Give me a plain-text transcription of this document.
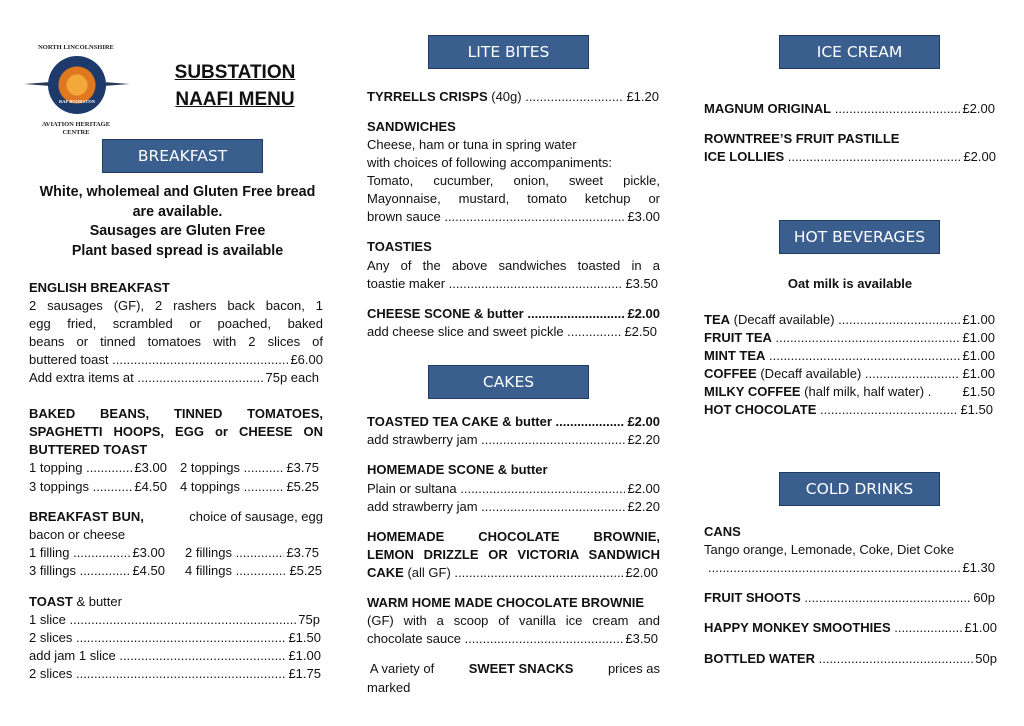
NORTH LINCOLNSHIRE
RAF BOOKSTON
AVIATION HERITAGE
CENTRE
SUBSTATION
NAAFI MENU
BREAKFAST
LITE BITES
CAKES
ICE CREAM
HOT BEVERAGES
COLD DRINKS
White, wholemeal and Gluten Free bread
are available.
Sausages are Gluten Free
Plant based spread is available
ENGLISH BREAKFAST
2 sausages (GF), 2 rashers back bacon, 1
egg fried, scrambled or poached, baked
beans or tinned tomatoes with 2 slices of
buttered toast .....	£6.00
Add extra items at .....	75p each
BAKED BEANS, TINNED TOMATOES,
SPAGHETTI HOOPS, EGG or CHEESE ON
BUTTERED TOAST
1 topping .....	£3.00 2 toppings .....	£3.75
3 toppings .....	£4.50 4 toppings .....	£5.25
BREAKFAST BUN,	choice of sausage, egg
bacon or cheese
1 filling .....	£3.00 2 fillings .....	£3.75
3 fillings .....	£4.50 4 fillings .....	£5.25
TOAST & butter
1 slice .....	75p
2 slices .....	£1.50
add jam 1 slice .....	£1.00
2 slices .....	£1.75
TYRRELLS CRISPS (40g) .....	£1.20
SANDWICHES
Cheese, ham or tuna in spring water
with choices of following accompaniments:
Tomato, cucumber, onion, sweet pickle,
Mayonnaise, mustard, tomato ketchup or
brown sauce .....	£3.00
TOASTIES
Any of the above sandwiches toasted in a
toastie maker .....	£3.50
CHEESE SCONE & butter .....	£2.00
add cheese slice and sweet pickle .....	£2.50
TOASTED TEA CAKE & butter .....	£2.00
add strawberry jam .....	£2.20
HOMEMADE SCONE & butter
Plain or sultana .....	£2.00
add strawberry jam .....	£2.20
HOMEMADE CHOCOLATE BROWNIE,
LEMON DRIZZLE OR VICTORIA SANDWICH
CAKE (all GF) .....	£2.00
WARM HOME MADE CHOCOLATE BROWNIE
(GF) with a scoop of vanilla ice cream and
chocolate sauce .....	£3.50
A variety of SWEET SNACKS prices as
marked
MAGNUM ORIGINAL .....	£2.00
ROWNTREE’S FRUIT PASTILLE
ICE LOLLIES .....	£2.00
Oat milk is available
TEA (Decaff available) .....	£1.00
FRUIT TEA .....	£1.00
MINT TEA .....	£1.00
COFFEE (Decaff available) .....	£1.00
MILKY COFFEE (half milk, half water) . £1.50
HOT CHOCOLATE .....	£1.50
CANS
Tango orange, Lemonade, Coke, Diet Coke
.....
£1.30
FRUIT SHOOTS .....	60p
HAPPY MONKEY SMOOTHIES .....	£1.00
BOTTLED WATER .....	50p
